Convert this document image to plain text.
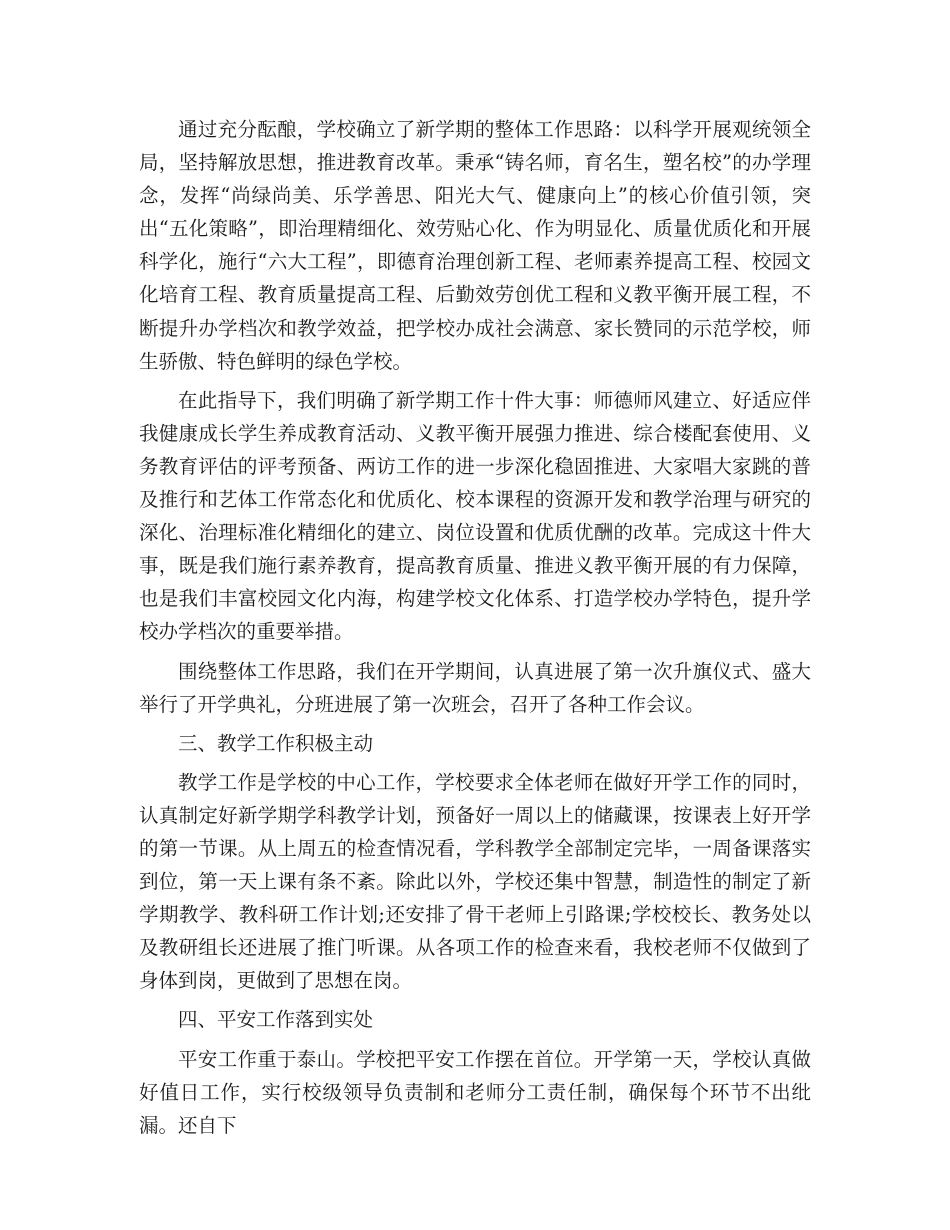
通过充分酝酿，学校确立了新学期的整体工作思路：以科学开展观统领全局，坚持解放思想，推进教育改革。秉承“铸名师，育名生，塑名校”的办学理念，发挥“尚绿尚美、乐学善思、阳光大气、健康向上”的核心价值引领，突出“五化策略”，即治理精细化、效劳贴心化、作为明显化、质量优质化和开展科学化，施行“六大工程”，即德育治理创新工程、老师素养提高工程、校园文化培育工程、教育质量提高工程、后勤效劳创优工程和义教平衡开展工程，不断提升办学档次和教学效益，把学校办成社会满意、家长赞同的示范学校，师生骄傲、特色鲜明的绿色学校。

在此指导下，我们明确了新学期工作十件大事：师德师风建立、好适应伴我健康成长学生养成教育活动、义教平衡开展强力推进、综合楼配套使用、义务教育评估的评考预备、两访工作的进一步深化稳固推进、大家唱大家跳的普及推行和艺体工作常态化和优质化、校本课程的资源开发和教学治理与研究的深化、治理标准化精细化的建立、岗位设置和优质优酬的改革。完成这十件大事，既是我们施行素养教育，提高教育质量、推进义教平衡开展的有力保障，也是我们丰富校园文化内海，构建学校文化体系、打造学校办学特色，提升学校办学档次的重要举措。

围绕整体工作思路，我们在开学期间，认真进展了第一次升旗仪式、盛大举行了开学典礼，分班进展了第一次班会，召开了各种工作会议。

三、教学工作积极主动

教学工作是学校的中心工作，学校要求全体老师在做好开学工作的同时，认真制定好新学期学科教学计划，预备好一周以上的储藏课，按课表上好开学的第一节课。从上周五的检查情况看，学科教学全部制定完毕，一周备课落实到位，第一天上课有条不紊。除此以外，学校还集中智慧，制造性的制定了新学期教学、教科研工作计划;还安排了骨干老师上引路课;学校校长、教务处以及教研组长还进展了推门听课。从各项工作的检查来看，我校老师不仅做到了身体到岗，更做到了思想在岗。

四、平安工作落到实处

平安工作重于泰山。学校把平安工作摆在首位。开学第一天，学校认真做好值日工作，实行校级领导负责制和老师分工责任制，确保每个环节不出纰漏。还自下
